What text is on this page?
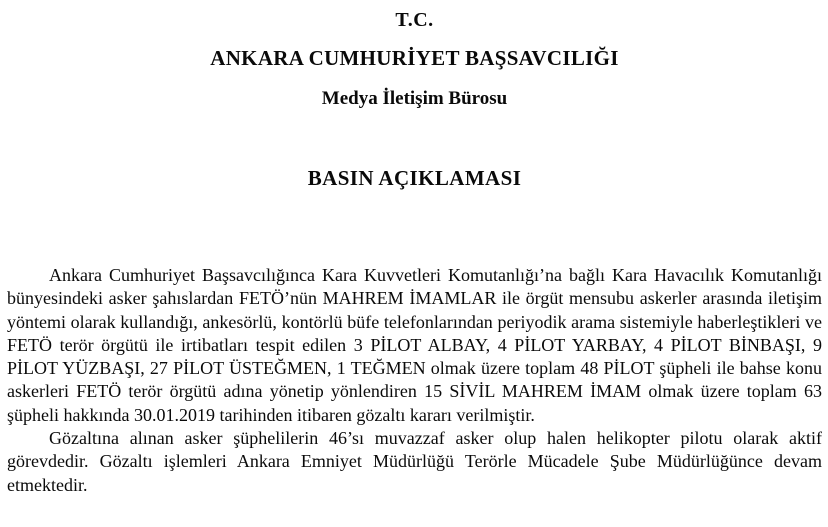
T.C.
ANKARA CUMHURİYET BAŞSAVCILIĞI
Medya İletişim Bürosu
BASIN AÇIKLAMASI

Ankara Cumhuriyet Başsavcılığınca Kara Kuvvetleri Komutanlığı’na bağlı Kara Havacılık Komutanlığı bünyesindeki asker şahıslardan FETÖ’nün MAHREM İMAMLAR ile örgüt mensubu askerler arasında iletişim yöntemi olarak kullandığı, ankesörlü, kontörlü büfe telefonlarından periyodik arama sistemiyle haberleştikleri ve FETÖ terör örgütü ile irtibatları tespit edilen 3 PİLOT ALBAY, 4 PİLOT YARBAY, 4 PİLOT BİNBAŞI, 9 PİLOT YÜZBAŞI, 27 PİLOT ÜSTEĞMEN, 1 TEĞMEN olmak üzere toplam 48 PİLOT şüpheli ile bahse konu askerleri FETÖ terör örgütü adına yönetip yönlendiren 15 SİVİL MAHREM İMAM olmak üzere toplam 63 şüpheli hakkında 30.01.2019 tarihinden itibaren gözaltı kararı verilmiştir.

Gözaltına alınan asker şüphelilerin 46’sı muvazzaf asker olup halen helikopter pilotu olarak aktif görevdedir. Gözaltı işlemleri Ankara Emniyet Müdürlüğü Terörle Mücadele Şube Müdürlüğünce devam etmektedir.
